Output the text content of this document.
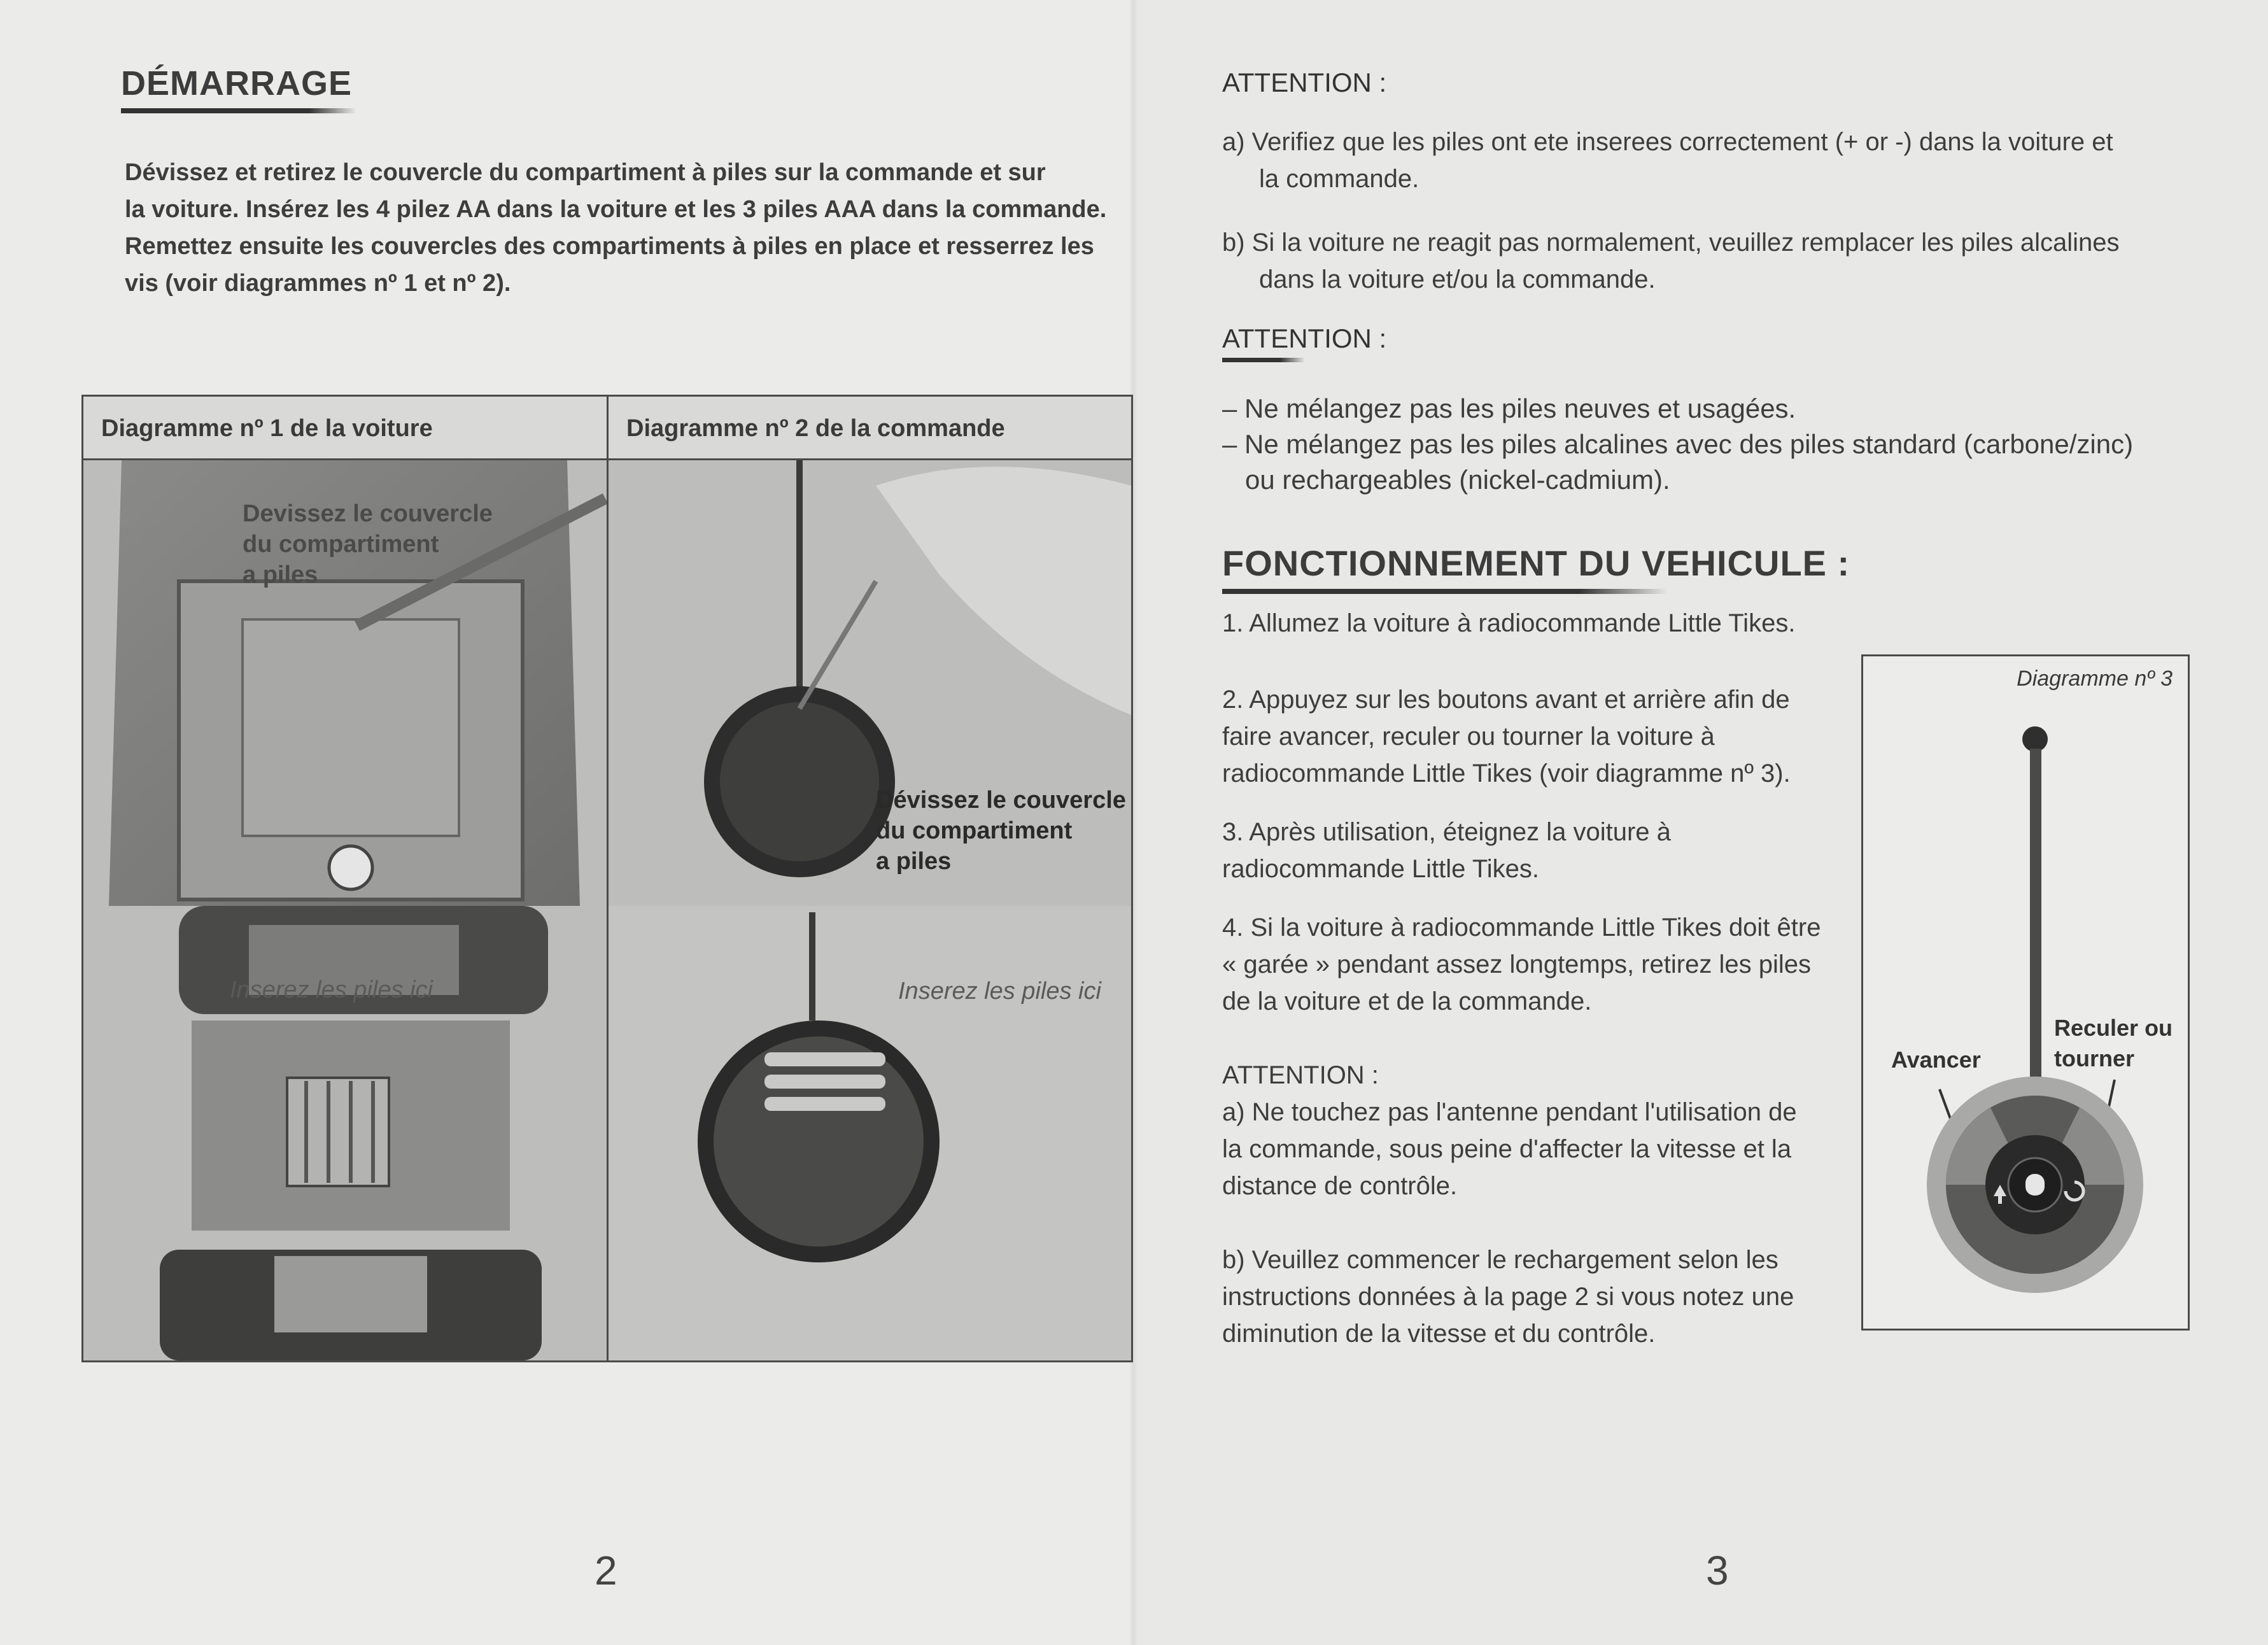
DÉMARRAGE
Dévissez et retirez le couvercle du compartiment à piles sur la commande et sur
la voiture. Insérez les 4 pilez AA dans la voiture et les 3 piles AAA dans la commande.
Remettez ensuite les couvercles des compartiments à piles en place et resserrez les
vis (voir diagrammes nº 1 et nº 2).
Diagramme nº 1 de la voiture	Diagramme nº 2 de la commande
Devissez le couvercle
du compartiment
a piles
Inserez les piles ici
Dévissez le couvercle
du compartiment
a piles
Inserez les piles ici
2
ATTENTION :
a) Verifiez que les piles ont ete inserees correctement (+ or -) dans la voiture et
la commande.
b) Si la voiture ne reagit pas normalement, veuillez remplacer les piles alcalines
dans la voiture et/ou la commande.
ATTENTION :
– Ne mélangez pas les piles neuves et usagées.
– Ne mélangez pas les piles alcalines avec des piles standard (carbone/zinc)
ou rechargeables (nickel-cadmium).
FONCTIONNEMENT DU VEHICULE :
1. Allumez la voiture à radiocommande Little Tikes.
2. Appuyez sur les boutons avant et arrière afin de
faire avancer, reculer ou tourner la voiture à
radiocommande Little Tikes (voir diagramme nº 3).
3. Après utilisation, éteignez la voiture à
radiocommande Little Tikes.
4. Si la voiture à radiocommande Little Tikes doit être
« garée » pendant assez longtemps, retirez les piles
de la voiture et de la commande.
ATTENTION :
a) Ne touchez pas l'antenne pendant l'utilisation de
la commande, sous peine d'affecter la vitesse et la
distance de contrôle.
b) Veuillez commencer le rechargement selon les
instructions données à la page 2 si vous notez une
diminution de la vitesse et du contrôle.
Diagramme nº 3
Avancer
Reculer ou
tourner
3
